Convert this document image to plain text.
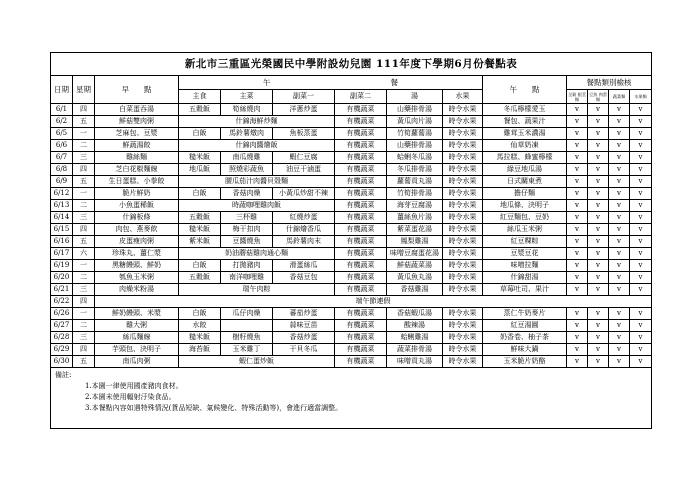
新北市三重區光榮國民中學附設幼兒園 111年度下學期6月份餐點表													
日期	星期	早　　點	午　　　　　　　　　　　　　　　　餐						午　　點	餐點類別檢核			
			主食	主菜	副菜一	副菜二	湯	水果		全穀 根莖類	豆魚 肉蛋類	蔬菜類	水果類
6/1	四	白菜蛋吞湯	五穀飯	筍絲燒肉	洋蔥炒蛋	有機蔬菜	山藥排骨湯	時令水果	冬瓜檸檬愛玉	v	v	v	v
6/2	五	鮮菇雙肉粥	什錦海鮮炒麵			有機蔬菜	黃瓜肉片湯	時令水果	餐包、蔬果汁	v	v	v	v
6/5	一	芝麻包、豆漿	白飯	馬鈴薯燉肉	魚板蒸蛋	有機蔬菜	竹筍蘿蔔湯	時令水果	雞茸玉米濃湯	v	v	v	v
6/6	二	鮮蔬湯餃	什錦肉醬燴飯			有機蔬菜	山藥排骨湯	時令水果	仙草奶凍	v	v	v	v
6/7	三	雞絲麵	糙米飯	南瓜燒雞	蝦仁豆腐	有機蔬菜	蛤蜊冬瓜湯	時令水果	馬拉糕、蜂蜜檸檬	v	v	v	v
6/8	四	芝白花椒麵線	地瓜飯	照燒彩蔬魚	油豆干滷蛋	有機蔬菜	冬瓜排骨湯	時令水果	綠豆地瓜湯	v	v	v	v
6/9	五	生日蛋糕、小拳餃	腰瓜茄汁肉醬貝殼麵			有機蔬菜	蘿蔔貢丸湯	時令水果	日式關東煮	v	v	v	v
6/12	一	脆片鮮奶	白飯	香菇肉燥	小黃瓜炒甜不辣	有機蔬菜	竹筍排骨湯	時令水果	擔仔麵	v	v	v	v
6/13	二	小魚蛋稀飯	時蔬咖哩雞肉飯			有機蔬菜	海芽豆腐湯	時令水果	地瓜條、決明子	v	v	v	v
6/14	三	什錦板條	五穀飯	三杯雞	紅燒炒蛋	有機蔬菜	薑絲魚片湯	時令水果	紅豆麵包、豆奶	v	v	v	v
6/15	四	肉包、燕麥飲	糙米飯	梅干扣肉	什錦燴香瓜	有機蔬菜	紫菜蛋花湯	時令水果	絲瓜玉米粥	v	v	v	v
6/16	五	皮蛋瘦肉粥	紫米飯	豆醬燒魚	馬鈴薯肉末	有機蔬菜	鳳梨雞湯	時令水果	紅豆粿粽	v	v	v	v
6/17	六	珍珠丸、薑仁漿	奶油蘑菇雞肉通心麵			有機蔬菜	味噌豆腐蛋花湯	時令水果	豆漿豆花	v	v	v	v
6/19	一	黑糖饅頭、鮮奶	白飯	打拋豬肉	滑蛋絲瓜	有機蔬菜	鮮菇蔬菜湯	時令水果	味噌拉麵	v	v	v	v
6/20	二	瓠魚玉米粥	五穀飯	南洋咖哩雞	香菇豆包	有機蔬菜	黃瓜魚丸湯	時令水果	什錦甜湯	v	v	v	v
6/21	三	肉燥米粉湯	瑞午肉粽			有機蔬菜	香菇雞湯	時令水果	草莓吐司、果汁	v	v	v	v
6/22	四	端午節連假											
6/26	一	鮮奶饅頭、米漿	白飯	瓜仔肉燥	蕃茄炒蛋	有機蔬菜	香菇蝦瓜湯	時令水果	蒸仁牛奶麥片	v	v	v	v
6/27	二	雞大粥	水餃		蒜味豆苗	有機蔬菜	酸辣湯	時令水果	紅豆湯圓	v	v	v	v
6/28	三	絲瓜麵線	糙米飯	樹籽燒魚	香菇炒蛋	有機蔬菜	蛤蜊雞湯	時令水果	奶香卷、柚子茶	v	v	v	v
6/29	四	芋頭包、決明子	海苔飯	玉米雞丁	干貝冬瓜	有機蔬菜	蔬菜排骨湯	時令水果	鮮味大鍋	v	v	v	v
6/30	五	南瓜肉粥	蝦仁蛋炒飯			有機蔬菜	味噌貢丸湯	時令水果	玉米脆片奶酪	v	v	v	v

備註:
1.本園一律使用國產豬肉食材。
2.本園未使用輻射汙染食品。
3.本餐點內容如遇特殊情況(貨品短缺、氣候變化、特殊活動等)，會進行適當調整。													
